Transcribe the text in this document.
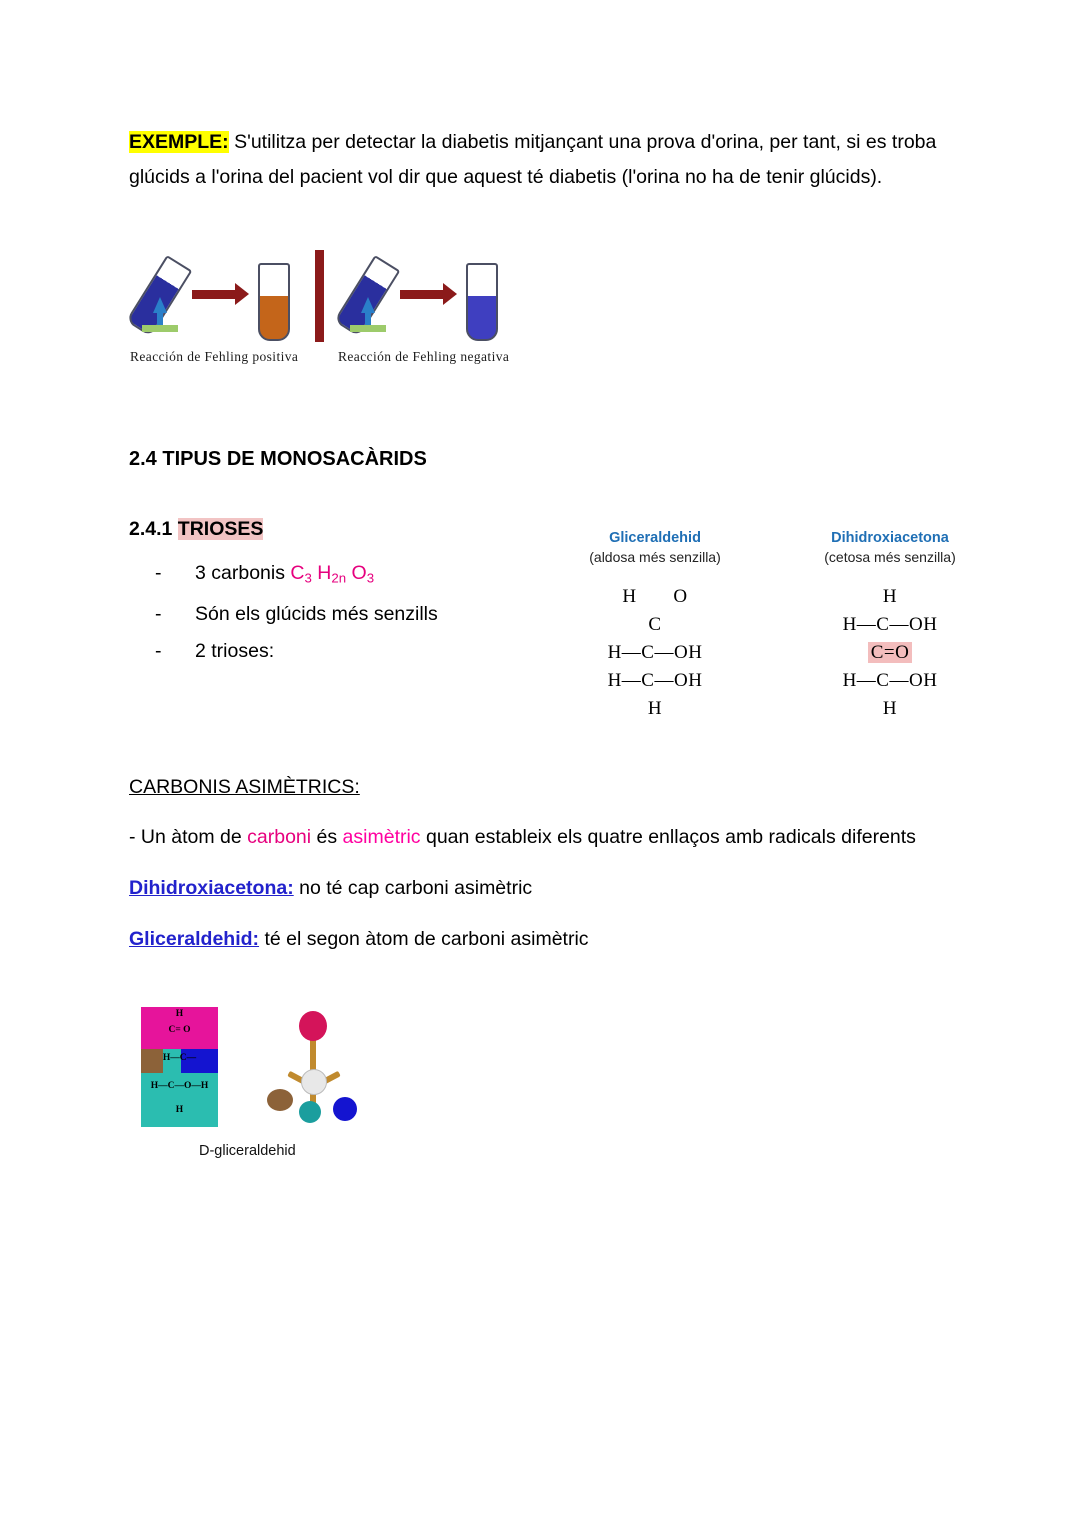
EXEMPLE: S'utilitza per detectar la diabetis mitjançant una prova d'orina, per tant, si es troba glúcids a l'orina del pacient vol dir que aquest té diabetis (l'orina no ha de tenir glúcids).

Reacción de Fehling positiva	Reacción de Fehling negativa
2.4 TIPUS DE MONOSACÀRIDS
2.4.1 TRIOSES
-	3 carbonis $C_3$ $H_{2n}$ $O_3$
-	Són els glúcids més senzills
-	2 trioses:
Gliceraldehid
(aldosa més senzilla)
H       O
C
H—C—OH
H—C—OH
H
Dihidroxiacetona
(cetosa més senzilla)
H
H—C—OH
C=O
H—C—OH
H
CARBONIS ASIMÈTRICS:

- Un àtom de carboni és asimètric quan estableix els quatre enllaços amb radicals diferents

Dihidroxiacetona: no té cap carboni asimètric

Gliceraldehid: té el segon àtom de carboni asimètric

H
C= O
H—C—
H—C—O—H
H
D-gliceraldehid
